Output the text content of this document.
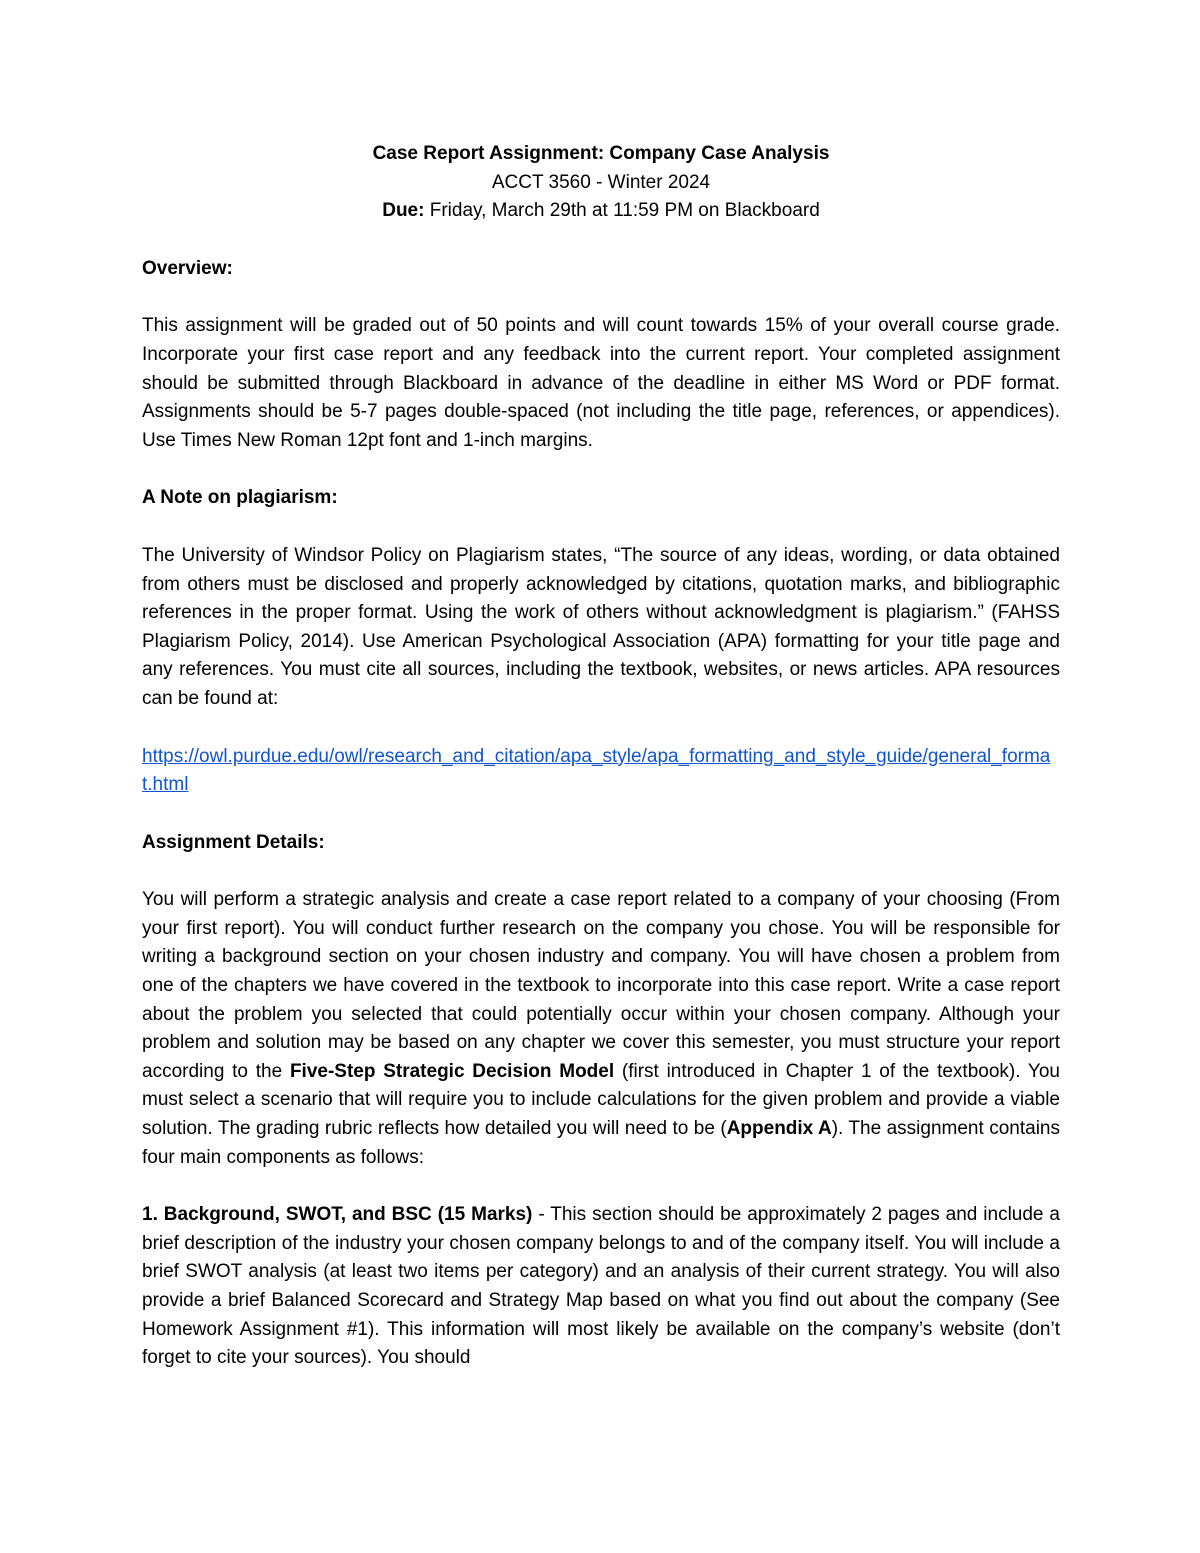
Case Report Assignment: Company Case Analysis
ACCT 3560 - Winter 2024
Due: Friday, March 29th at 11:59 PM on Blackboard
Overview:
This assignment will be graded out of 50 points and will count towards 15% of your overall course grade. Incorporate your first case report and any feedback into the current report. Your completed assignment should be submitted through Blackboard in advance of the deadline in either MS Word or PDF format. Assignments should be 5-7 pages double-spaced (not including the title page, references, or appendices). Use Times New Roman 12pt font and 1-inch margins.
A Note on plagiarism:
The University of Windsor Policy on Plagiarism states, “The source of any ideas, wording, or data obtained from others must be disclosed and properly acknowledged by citations, quotation marks, and bibliographic references in the proper format. Using the work of others without acknowledgment is plagiarism.” (FAHSS Plagiarism Policy, 2014). Use American Psychological Association (APA) formatting for your title page and any references. You must cite all sources, including the textbook, websites, or news articles. APA resources can be found at:
https://owl.purdue.edu/owl/research_and_citation/apa_style/apa_formatting_and_style_guide/general_format.html
Assignment Details:
You will perform a strategic analysis and create a case report related to a company of your choosing (From your first report). You will conduct further research on the company you chose. You will be responsible for writing a background section on your chosen industry and company. You will have chosen a problem from one of the chapters we have covered in the textbook to incorporate into this case report. Write a case report about the problem you selected that could potentially occur within your chosen company. Although your problem and solution may be based on any chapter we cover this semester, you must structure your report according to the Five-Step Strategic Decision Model (first introduced in Chapter 1 of the textbook). You must select a scenario that will require you to include calculations for the given problem and provide a viable solution. The grading rubric reflects how detailed you will need to be (Appendix A). The assignment contains four main components as follows:
1. Background, SWOT, and BSC (15 Marks) - This section should be approximately 2 pages and include a brief description of the industry your chosen company belongs to and of the company itself. You will include a brief SWOT analysis (at least two items per category) and an analysis of their current strategy. You will also provide a brief Balanced Scorecard and Strategy Map based on what you find out about the company (See Homework Assignment #1). This information will most likely be available on the company’s website (don’t forget to cite your sources). You should
